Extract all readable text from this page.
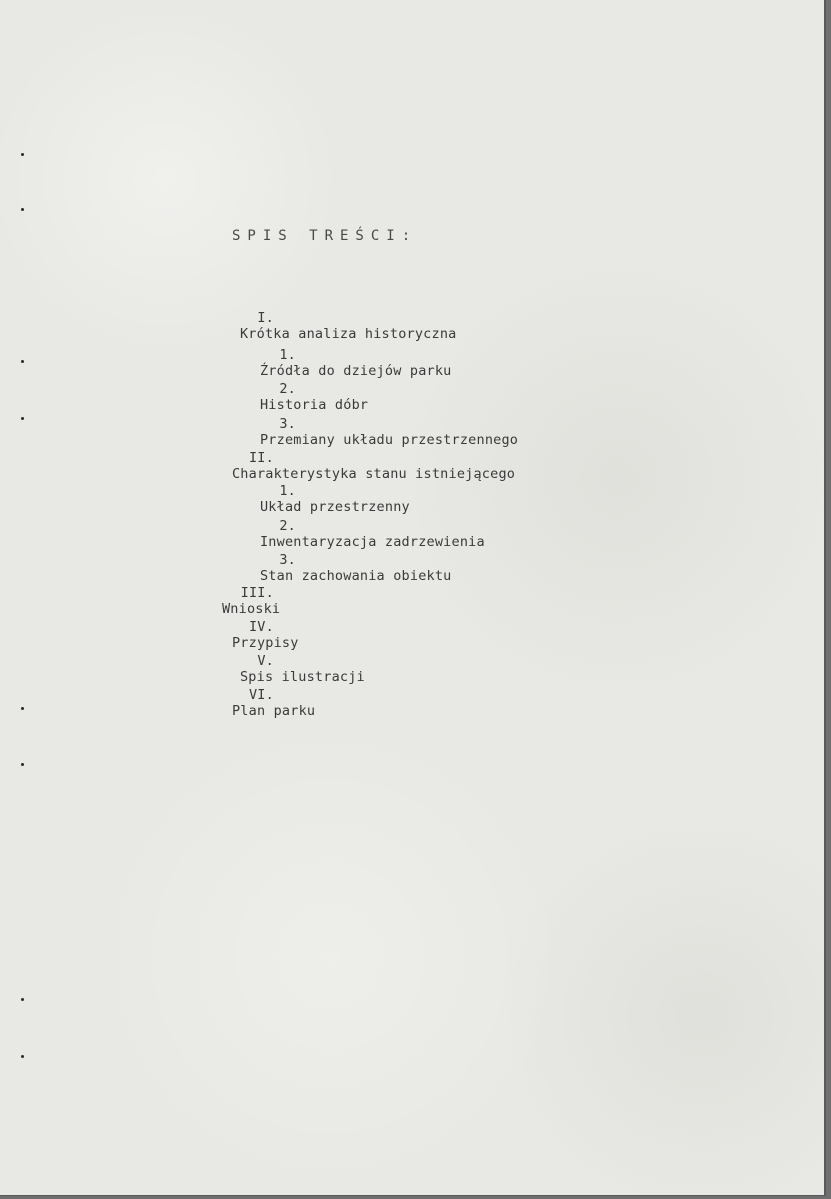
SPIS TREŚCI:

I.
Krótka analiza historyczna

1.
Źródła do dziejów parku

2.
Historia dóbr

3.
Przemiany układu przestrzennego

II.
Charakterystyka stanu istniejącego

1.
Układ przestrzenny

2.
Inwentaryzacja zadrzewienia

3.
Stan zachowania obiektu

III.
Wnioski

IV.
Przypisy

V.
Spis ilustracji

VI.
Plan parku
